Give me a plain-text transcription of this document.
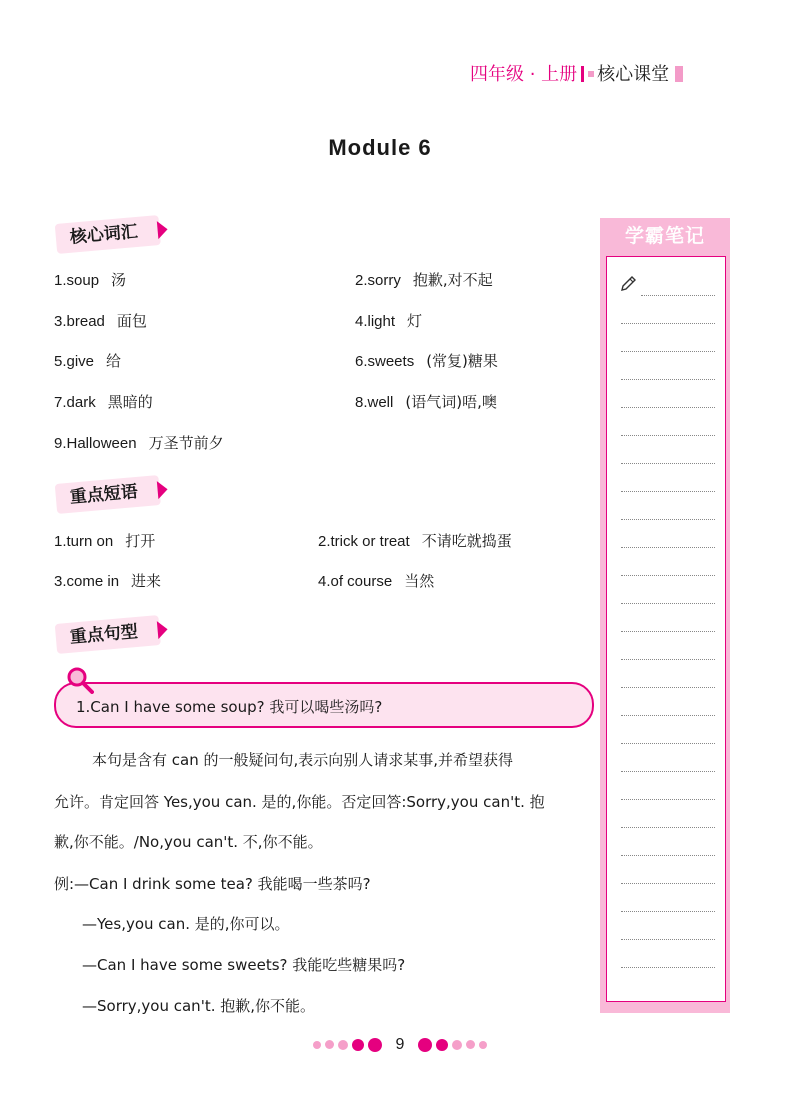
四年级 · 上册 核心课堂
Module 6
核心词汇
1.soup 汤	2.sorry 抱歉,对不起
3.bread 面包	4.light 灯
5.give 给	6.sweets (常复)糖果
7.dark 黑暗的	8.well (语气词)唔,噢
9.Halloween 万圣节前夕
重点短语
1.turn on 打开	2.trick or treat 不请吃就捣蛋
3.come in 进来	4.of course 当然
重点句型
1.Can I have some soup? 我可以喝些汤吗?
本句是含有 can 的一般疑问句,表示向别人请求某事,并希望获得
允许。肯定回答 Yes,you can. 是的,你能。否定回答:Sorry,you can't. 抱
歉,你不能。/No,you can't. 不,你不能。
例:—Can I drink some tea? 我能喝一些茶吗?
—Yes,you can. 是的,你可以。
—Can I have some sweets? 我能吃些糖果吗?
—Sorry,you can't. 抱歉,你不能。
学霸笔记
9
